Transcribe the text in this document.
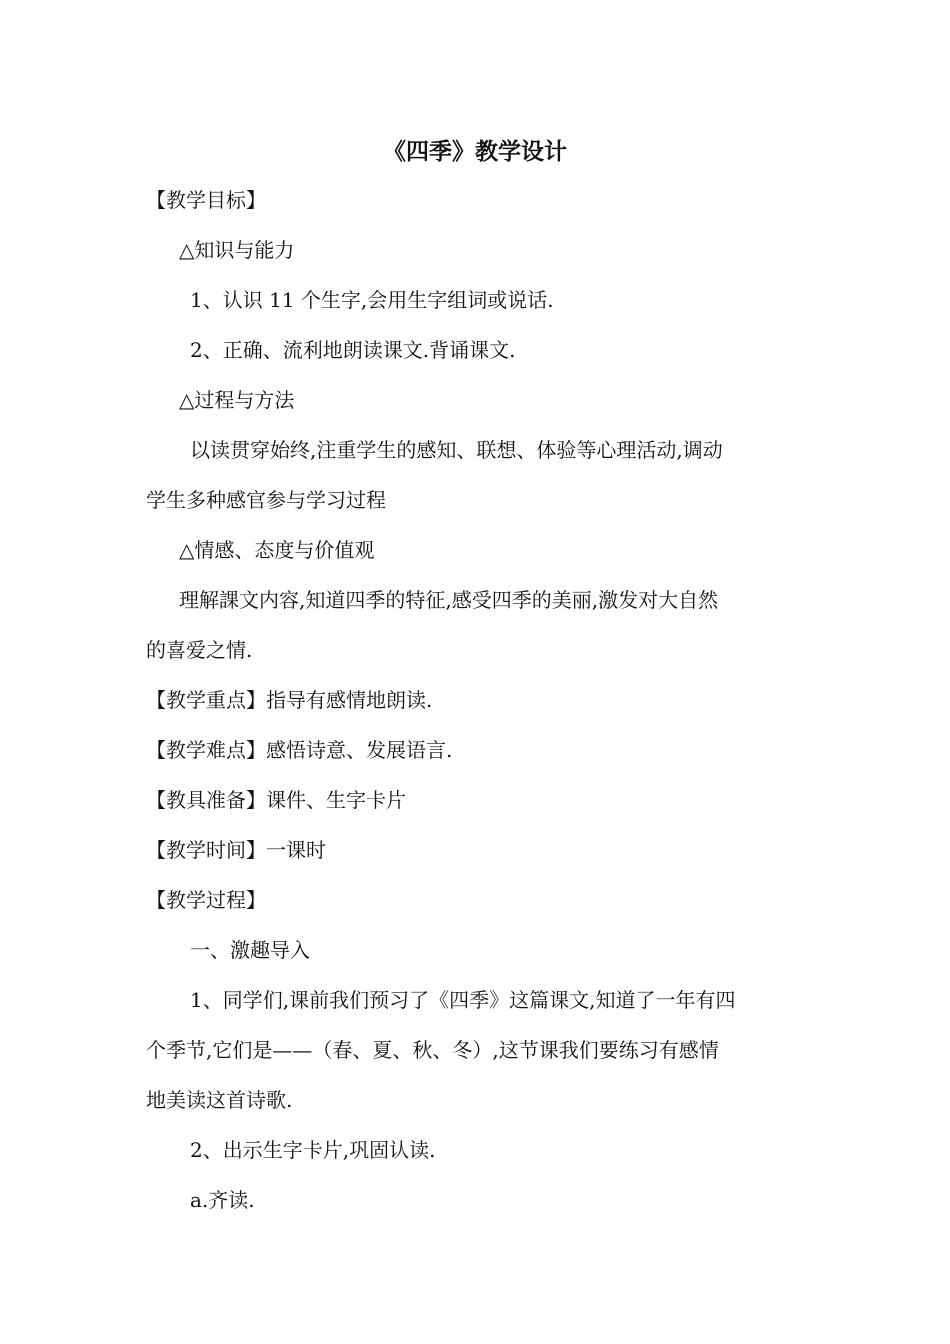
《四季》教学设计
【教学目标】
△知识与能力
1、认识 11 个生字,会用生字组词或说话.
2、正确、流利地朗读课文.背诵课文.
△过程与方法
以读贯穿始终,注重学生的感知、联想、体验等心理活动,调动
学生多种感官参与学习过程
△情感、态度与价值观
理解課文内容,知道四季的特征,感受四季的美丽,激发对大自然
的喜爱之情.
【教学重点】指导有感情地朗读.
【教学难点】感悟诗意、发展语言.
【教具准备】课件、生字卡片
【教学时间】一课时
【教学过程】
一、激趣导入
1、同学们,课前我们预习了《四季》这篇课文,知道了一年有四
个季节,它们是——（春、夏、秋、冬）,这节课我们要练习有感情
地美读这首诗歌.
2、出示生字卡片,巩固认读.
a.齐读.
